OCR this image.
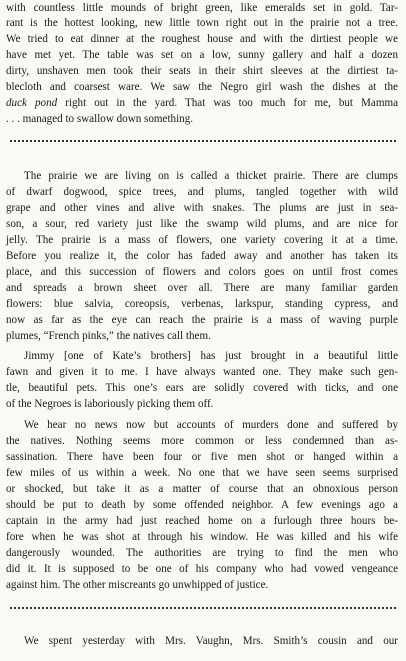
with countless little mounds of bright green, like emeralds set in gold. Tar-
rant is the hottest looking, new little town right out in the prairie not a tree.
We tried to eat dinner at the roughest house and with the dirtiest people we
have met yet. The table was set on a low, sunny gallery and half a dozen
dirty, unshaven men took their seats in their shirt sleeves at the dirtiest ta-
blecloth and coarsest ware. We saw the Negro girl wash the dishes at the
duck pond right out in the yard. That was too much for me, but Mamma
. . . managed to swallow down something.
The prairie we are living on is called a thicket prairie. There are clumps
of dwarf dogwood, spice trees, and plums, tangled together with wild
grape and other vines and alive with snakes. The plums are just in sea-
son, a sour, red variety just like the swamp wild plums, and are nice for
jelly. The prairie is a mass of flowers, one variety covering it at a time.
Before you realize it, the color has faded away and another has taken its
place, and this succession of flowers and colors goes on until frost comes
and spreads a brown sheet over all. There are many familiar garden
flowers: blue salvia, coreopsis, verbenas, larkspur, standing cypress, and
now as far as the eye can reach the prairie is a mass of waving purple
plumes, “French pinks,” the natives call them.
Jimmy [one of Kate’s brothers] has just brought in a beautiful little
fawn and given it to me. I have always wanted one. They make such gen-
tle, beautiful pets. This one’s ears are solidly covered with ticks, and one
of the Negroes is laboriously picking them off.
We hear no news now but accounts of murders done and suffered by
the natives. Nothing seems more common or less condemned than as-
sassination. There have been four or five men shot or hanged within a
few miles of us within a week. No one that we have seen seems surprised
or shocked, but take it as a matter of course that an obnoxious person
should be put to death by some offended neighbor. A few evenings ago a
captain in the army had just reached home on a furlough three hours be-
fore when he was shot at through his window. He was killed and his wife
dangerously wounded. The authorities are trying to find the men who
did it. It is supposed to be one of his company who had vowed vengeance
against him. The other miscreants go unwhipped of justice.
We spent yesterday with Mrs. Vaughn, Mrs. Smith’s cousin and our
